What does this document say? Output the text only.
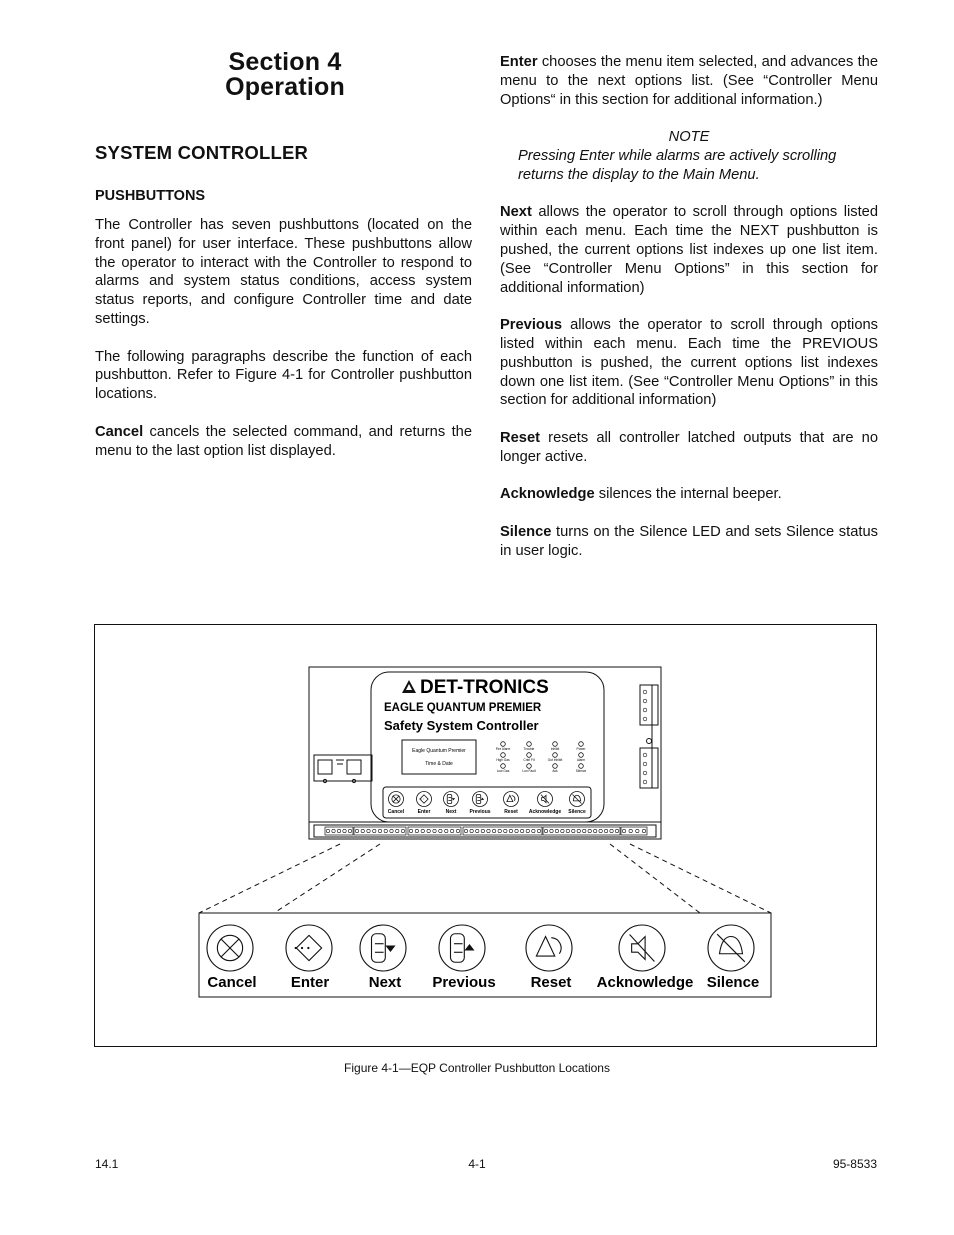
Section 4
Operation
SYSTEM CONTROLLER
PUSHBUTTONS

The Controller has seven pushbuttons (located on the front panel) for user interface. These pushbuttons allow the operator to interact with the Controller to respond to alarms and system status conditions, access system status reports, and configure Controller time and date settings.

The following paragraphs describe the function of each pushbutton. Refer to Figure 4-1 for Controller pushbutton locations.

Cancel cancels the selected command, and returns the menu to the last option list displayed.

Enter chooses the menu item selected, and advances the menu to the next options list. (See “Controller Menu Options“ in this section for additional information.)

NOTE

Pressing Enter while alarms are actively scrolling returns the display to the Main Menu.

Next allows the operator to scroll through options listed within each menu. Each time the NEXT pushbutton is pushed, the current options list indexes up one list item. (See “Controller Menu Options” in this section for additional information)

Previous allows the operator to scroll through options listed within each menu. Each time the PREVIOUS pushbutton is pushed, the current options list indexes down one list item. (See “Controller Menu Options” in this section for additional information)

Reset resets all controller latched outputs that are no longer active.

Acknowledge silences the internal beeper.

Silence turns on the Silence LED and sets Silence status in user logic.

DET-TRONICS
EAGLE QUANTUM PREMIER
Safety System Controller
Eagle Quantum Premier
Time & Date
Fire Alarm	Trouble	Inhibit	Power
High Gas	Cntrl Flt	Out Inhibit	Alarm
Low Gas	Lon Fault	Ack	Silence
Cancel	Enter	Next	Previous	Reset Acknowledge Silence
Cancel Enter	Next Previous Reset Acknowledge Silence
Figure 4-1—EQP Controller Pushbutton Locations
14.1	4-1	95-8533
